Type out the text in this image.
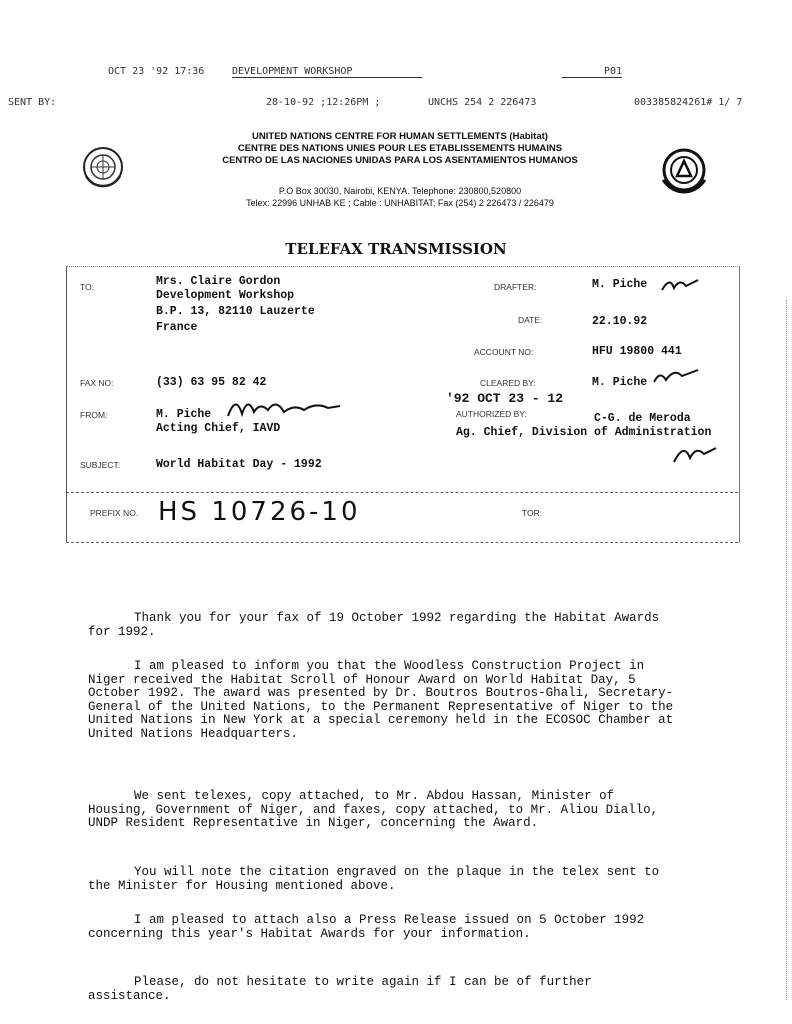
OCT 23 '92 17:36	DEVELOPMENT WORKSHOP	P01
SENT BY:	28-10-92 ;12:26PM ;	UNCHS 254 2 226473	003385824261# 1/ 7
UNITED NATIONS CENTRE FOR HUMAN SETTLEMENTS (Habitat)
CENTRE DES NATIONS UNIES POUR LES ETABLISSEMENTS HUMAINS
CENTRO DE LAS NACIONES UNIDAS PARA LOS ASENTAMIENTOS HUMANOS
P.O Box 30030, Nairobi, KENYA. Telephone: 230800,520800
Telex: 22996 UNHAB KE ; Cable : UNHABITAT; Fax (254) 2 226473 / 226479
TELEFAX TRANSMISSION
TO:	Mrs. Claire Gordon
Development Workshop
B.P. 13, 82110 Lauzerte
France
FAX NO:	(33) 63 95 82 42
FROM:	M. Piche
Acting Chief, IAVD
SUBJECT:	World Habitat Day - 1992
PREFIX NO. HS 10726-10	TOR:
DRAFTER:	M. Piche
DATE:	22.10.92
ACCOUNT NO:	HFU 19800 441
CLEARED BY:	M. Piche
'92 OCT 23 - 12
AUTHORIZED BY:	C-G. de Meroda
Ag. Chief, Division of Administration
Thank you for your fax of 19 October 1992 regarding the Habitat Awards for 1992.
I am pleased to inform you that the Woodless Construction Project in Niger received the Habitat Scroll of Honour Award on World Habitat Day, 5 October 1992. The award was presented by Dr. Boutros Boutros-Ghali, Secretary-General of the United Nations, to the Permanent Representative of Niger to the United Nations in New York at a special ceremony held in the ECOSOC Chamber at United Nations Headquarters.
We sent telexes, copy attached, to Mr. Abdou Hassan, Minister of Housing, Government of Niger, and faxes, copy attached, to Mr. Aliou Diallo, UNDP Resident Representative in Niger, concerning the Award.
You will note the citation engraved on the plaque in the telex sent to the Minister for Housing mentioned above.
I am pleased to attach also a Press Release issued on 5 October 1992 concerning this year's Habitat Awards for your information.
Please, do not hesitate to write again if I can be of further assistance.
